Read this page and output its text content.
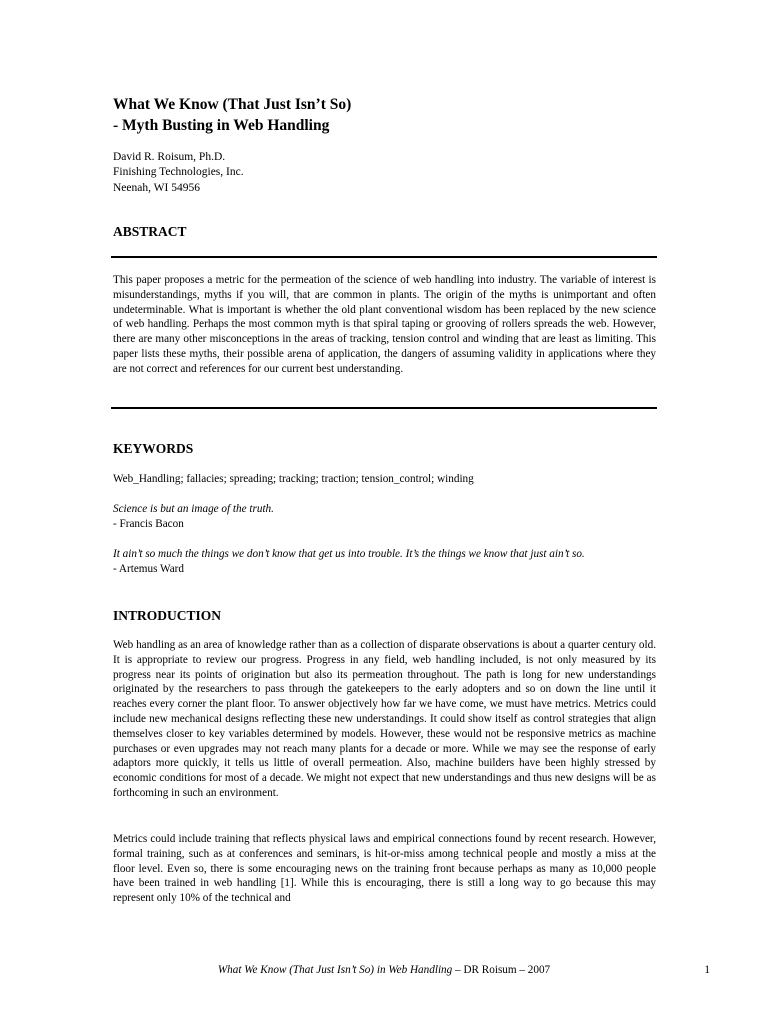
What We Know (That Just Isn’t So)
- Myth Busting in Web Handling
David R. Roisum, Ph.D.
Finishing Technologies, Inc.
Neenah, WI 54956
ABSTRACT

This paper proposes a metric for the permeation of the science of web handling into industry. The variable of interest is misunderstandings, myths if you will, that are common in plants. The origin of the myths is unimportant and often undeterminable. What is important is whether the old plant conventional wisdom has been replaced by the new science of web handling. Perhaps the most common myth is that spiral taping or grooving of rollers spreads the web. However, there are many other misconceptions in the areas of tracking, tension control and winding that are least as limiting. This paper lists these myths, their possible arena of application, the dangers of assuming validity in applications where they are not correct and references for our current best understanding.

KEYWORDS
Web_Handling; fallacies; spreading; tracking; traction; tension_control; winding
Science is but an image of the truth.
- Francis Bacon
It ain’t so much the things we don’t know that get us into trouble. It’s the things we know that just ain’t so.
- Artemus Ward
INTRODUCTION

Web handling as an area of knowledge rather than as a collection of disparate observations is about a quarter century old. It is appropriate to review our progress. Progress in any field, web handling included, is not only measured by its progress near its points of origination but also its permeation throughout. The path is long for new understandings originated by the researchers to pass through the gatekeepers to the early adopters and so on down the line until it reaches every corner the plant floor. To answer objectively how far we have come, we must have metrics. Metrics could include new mechanical designs reflecting these new understandings. It could show itself as control strategies that align themselves closer to key variables determined by models. However, these would not be responsive metrics as machine purchases or even upgrades may not reach many plants for a decade or more. While we may see the response of early adaptors more quickly, it tells us little of overall permeation. Also, machine builders have been highly stressed by economic conditions for most of a decade. We might not expect that new understandings and thus new designs will be as forthcoming in such an environment.

Metrics could include training that reflects physical laws and empirical connections found by recent research. However, formal training, such as at conferences and seminars, is hit-or-miss among technical people and mostly a miss at the floor level. Even so, there is some encouraging news on the training front because perhaps as many as 10,000 people have been trained in web handling [1]. While this is encouraging, there is still a long way to go because this may represent only 10% of the technical and

What We Know (That Just Isn’t So) in Web Handling – DR Roisum – 2007	1
